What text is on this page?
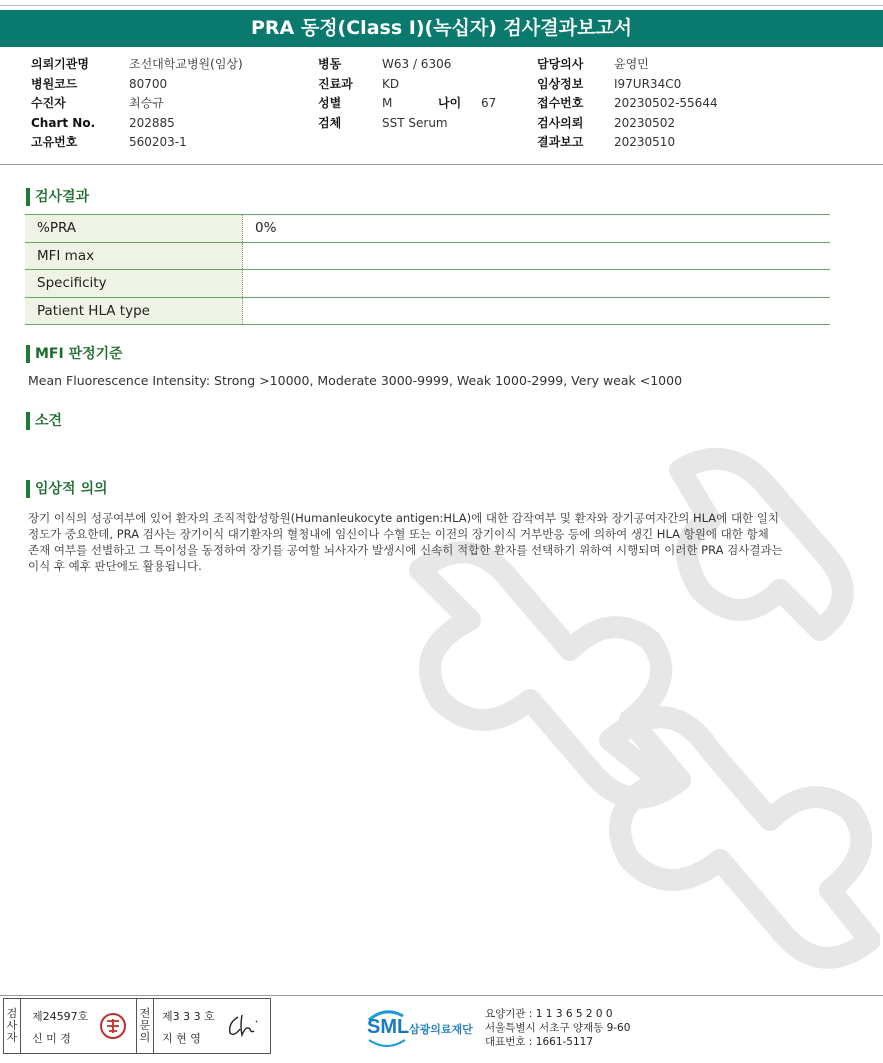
PRA 동정(Class I)(녹십자) 검사결과보고서
의뢰기관명	조선대학교병원(임상)
병원코드	80700
수진자	최승규
Chart No.	202885
고유번호	560203-1
병동	W63 / 6306
진료과 KD
성별	M	나이 67
검체	SST Serum
담당의사	윤영민
임상정보	I97UR34C0
접수번호	20230502-55644
검사의뢰	20230502
결과보고	20230510
검사결과
%PRA	0%
MFI max	
Specificity	
Patient HLA type	
MFI 판정기준
Mean Fluorescence Intensity: Strong >10000, Moderate 3000-9999, Weak 1000-2999, Very weak <1000
소견
임상적 의의
장기 이식의 성공여부에 있어 환자의 조직적합성항원(Humanleukocyte antigen:HLA)에 대한 감작여부 및 환자와 장기공여자간의 HLA에 대한 일치
정도가 중요한데, PRA 검사는 장기이식 대기환자의 혈청내에 임신이나 수혈 또는 이전의 장기이식 거부반응 등에 의하여 생긴 HLA 항원에 대한 항체
존재 여부를 선별하고 그 특이성을 동정하여 장기를 공여할 뇌사자가 발생시에 신속히 적합한 환자를 선택하기 위하여 시행되며 이러한 PRA 검사결과는
이식 후 예후 판단에도 활용됩니다.
검
사
자
제24597호
신 미 경
전
문
의
제3 3 3 호
지 현 영
SML 삼광의료재단
요양기관 : 1 1 3 6 5 2 0 0
서울특별시 서초구 양재동 9-60
대표번호 : 1661-5117
